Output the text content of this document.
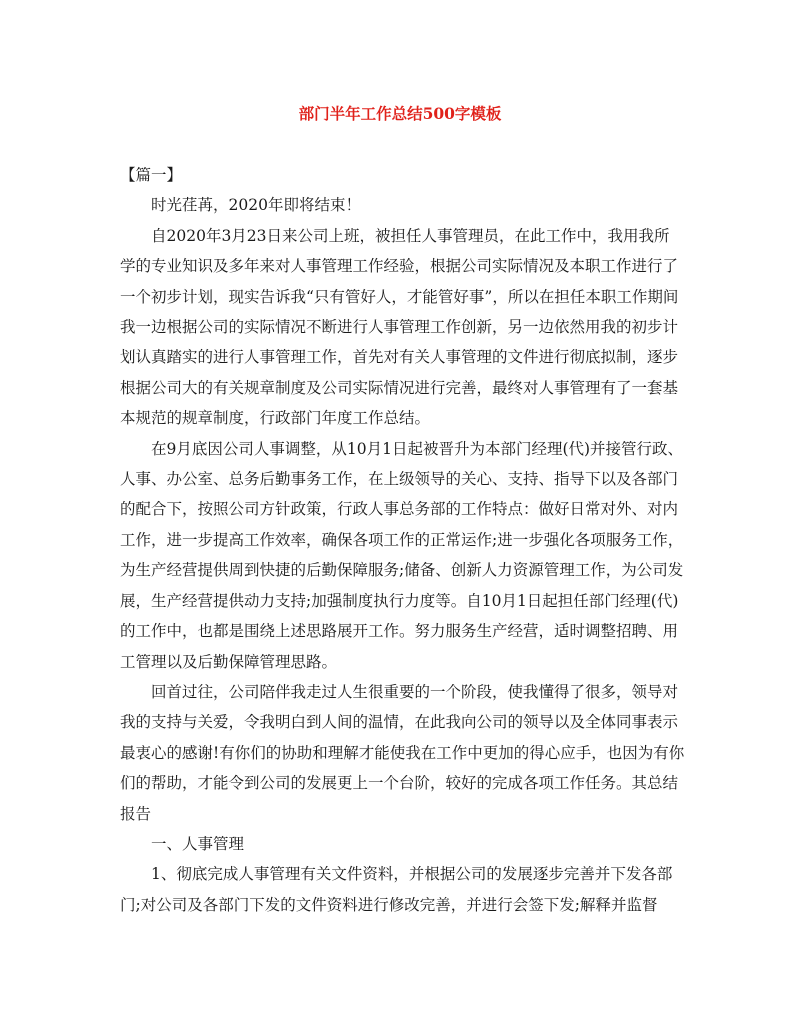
部门半年工作总结500字模板

【篇一】

时光荏苒，2020年即将结束！

自2020年3月23日来公司上班，被担任人事管理员，在此工作中，我用我所学的专业知识及多年来对人事管理工作经验，根据公司实际情况及本职工作进行了一个初步计划，现实告诉我“只有管好人，才能管好事”，所以在担任本职工作期间我一边根据公司的实际情况不断进行人事管理工作创新，另一边依然用我的初步计划认真踏实的进行人事管理工作，首先对有关人事管理的文件进行彻底拟制，逐步根据公司大的有关规章制度及公司实际情况进行完善，最终对人事管理有了一套基本规范的规章制度，行政部门年度工作总结。

在9月底因公司人事调整，从10月1日起被晋升为本部门经理(代)并接管行政、人事、办公室、总务后勤事务工作，在上级领导的关心、支持、指导下以及各部门的配合下，按照公司方针政策，行政人事总务部的工作特点：做好日常对外、对内工作，进一步提高工作效率，确保各项工作的正常运作;进一步强化各项服务工作，为生产经营提供周到快捷的后勤保障服务;储备、创新人力资源管理工作，为公司发展，生产经营提供动力支持;加强制度执行力度等。自10月1日起担任部门经理(代)的工作中，也都是围绕上述思路展开工作。努力服务生产经营，适时调整招聘、用工管理以及后勤保障管理思路。

回首过往，公司陪伴我走过人生很重要的一个阶段，使我懂得了很多，领导对我的支持与关爱，令我明白到人间的温情，在此我向公司的领导以及全体同事表示最衷心的感谢!有你们的协助和理解才能使我在工作中更加的得心应手，也因为有你们的帮助，才能令到公司的发展更上一个台阶，较好的完成各项工作任务。其总结报告

一、人事管理

1、彻底完成人事管理有关文件资料，并根据公司的发展逐步完善并下发各部门;对公司及各部门下发的文件资料进行修改完善，并进行会签下发;解释并监督
